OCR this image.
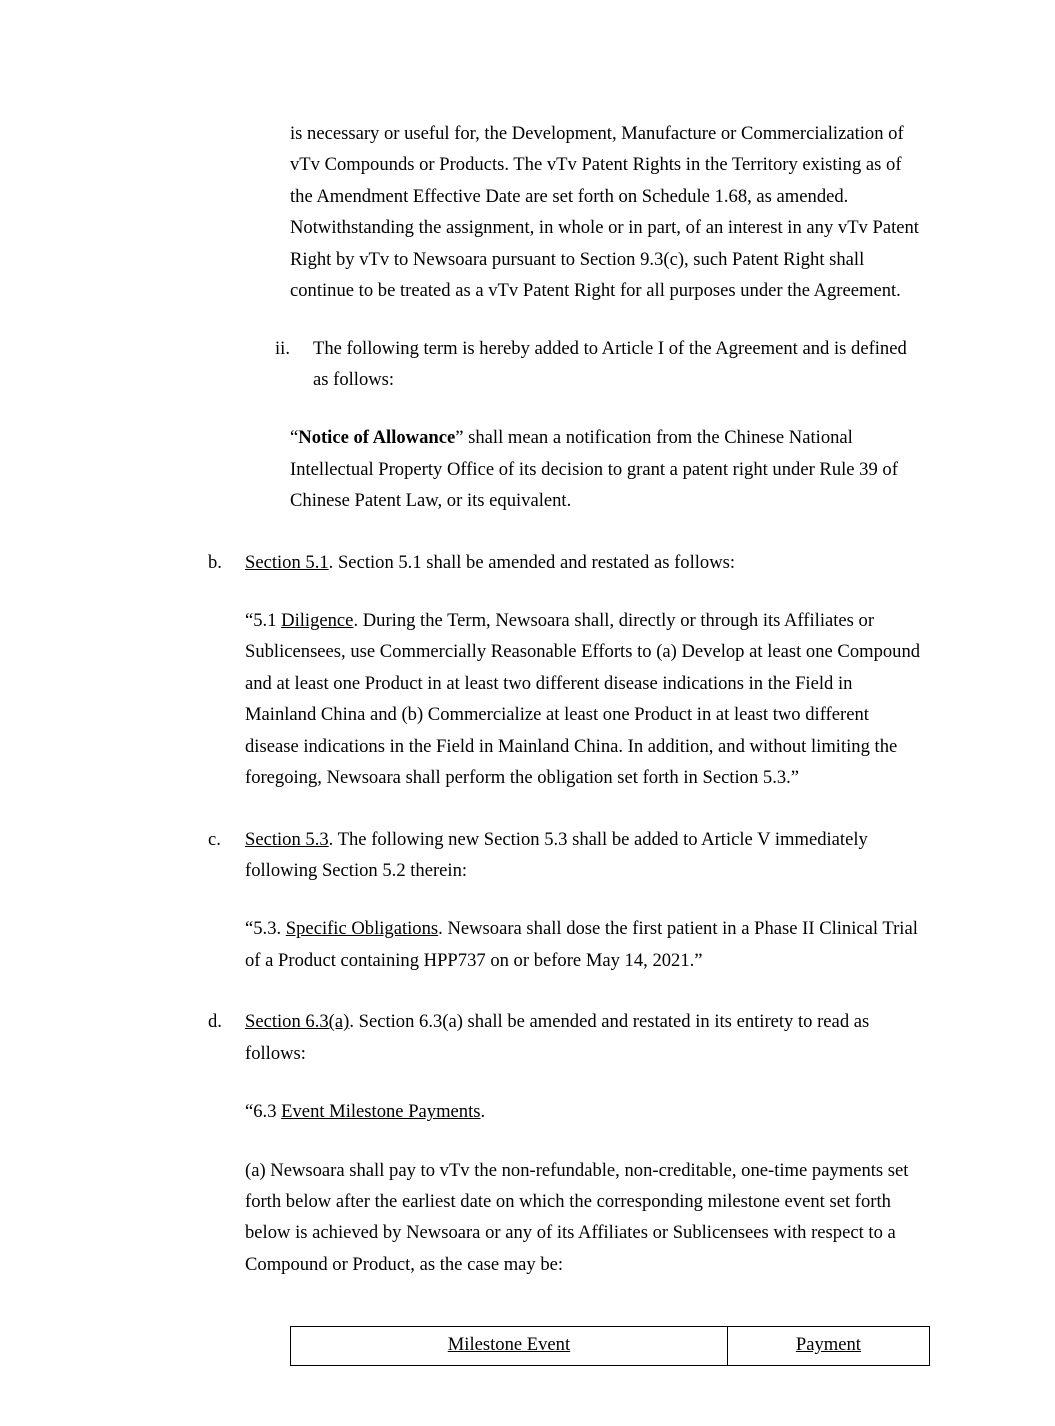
is necessary or useful for, the Development, Manufacture or Commercialization of vTv Compounds or Products. The vTv Patent Rights in the Territory existing as of the Amendment Effective Date are set forth on Schedule 1.68, as amended. Notwithstanding the assignment, in whole or in part, of an interest in any vTv Patent Right by vTv to Newsoara pursuant to Section 9.3(c), such Patent Right shall continue to be treated as a vTv Patent Right for all purposes under the Agreement.

ii.	The following term is hereby added to Article I of the Agreement and is defined as follows:

“Notice of Allowance” shall mean a notification from the Chinese National Intellectual Property Office of its decision to grant a patent right under Rule 39 of Chinese Patent Law, or its equivalent.

b.	Section 5.1. Section 5.1 shall be amended and restated as follows:

“5.1 Diligence. During the Term, Newsoara shall, directly or through its Affiliates or Sublicensees, use Commercially Reasonable Efforts to (a) Develop at least one Compound and at least one Product in at least two different disease indications in the Field in Mainland China and (b) Commercialize at least one Product in at least two different disease indications in the Field in Mainland China. In addition, and without limiting the foregoing, Newsoara shall perform the obligation set forth in Section 5.3.”

c.	Section 5.3. The following new Section 5.3 shall be added to Article V immediately following Section 5.2 therein:

“5.3. Specific Obligations. Newsoara shall dose the first patient in a Phase II Clinical Trial of a Product containing HPP737 on or before May 14, 2021.”

d.	Section 6.3(a). Section 6.3(a) shall be amended and restated in its entirety to read as follows:

“6.3 Event Milestone Payments.

(a) Newsoara shall pay to vTv the non-refundable, non-creditable, one-time payments set forth below after the earliest date on which the corresponding milestone event set forth below is achieved by Newsoara or any of its Affiliates or Sublicensees with respect to a Compound or Product, as the case may be:

Milestone Event	Payment
